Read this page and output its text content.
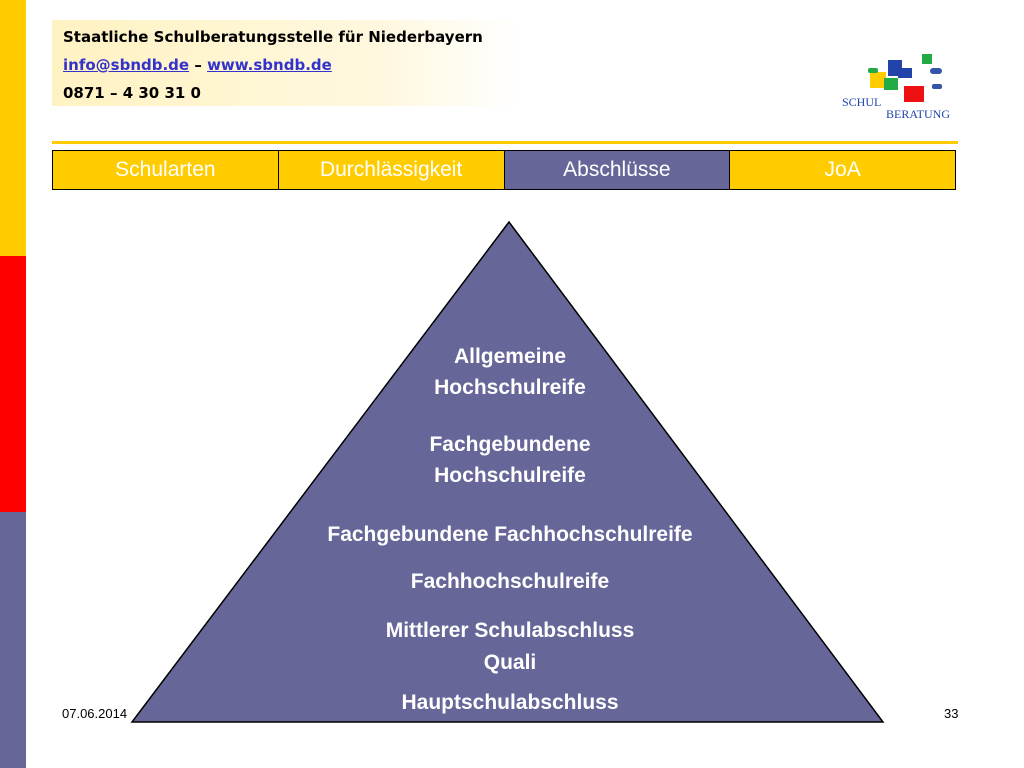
Staatliche Schulberatungsstelle für Niederbayern
info@sbndb.de – www.sbndb.de
0871 – 4 30 31 0	SCHUL
BERATUNG
Schularten	Durchlässigkeit	Abschlüsse	JoA
Allgemeine
Hochschulreife
Fachgebundene
Hochschulreife
Fachgebundene Fachhochschulreife
Fachhochschulreife
Mittlerer Schulabschluss
Quali
Hauptschulabschluss
07.06.2014	33
